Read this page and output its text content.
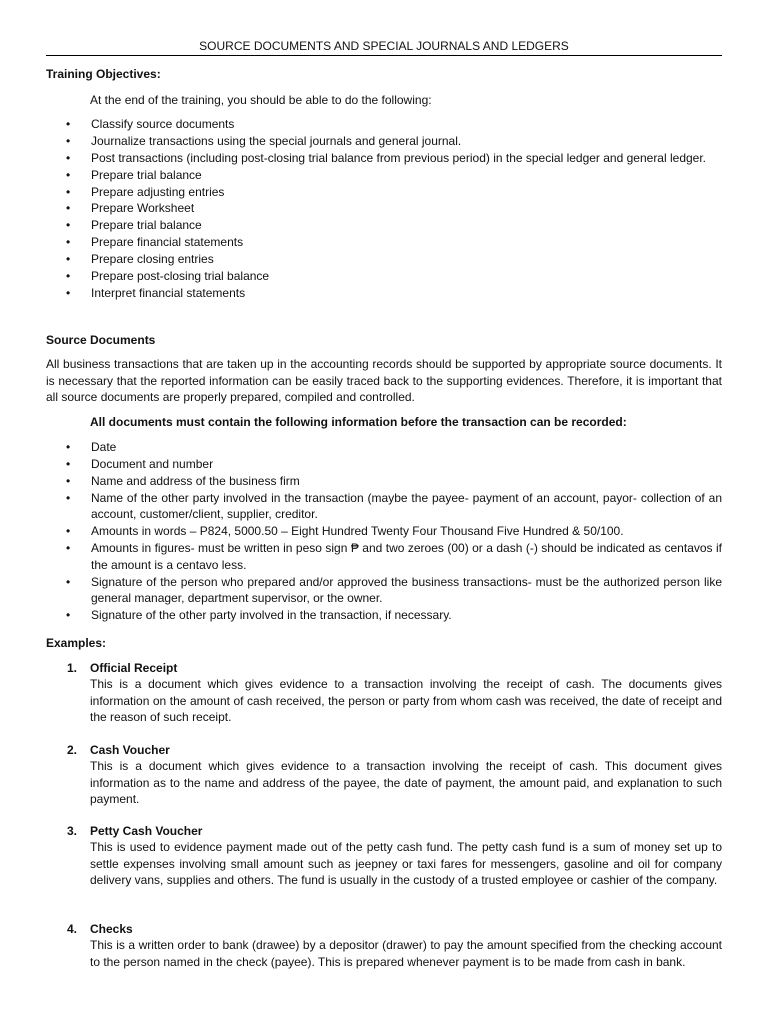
SOURCE DOCUMENTS AND SPECIAL JOURNALS AND LEDGERS
Training Objectives:
At the end of the training, you should be able to do the following:
• Classify source documents
• Journalize transactions using the special journals and general journal.
• Post transactions (including post-closing trial balance from previous period) in the special ledger and general ledger.
• Prepare trial balance
• Prepare adjusting entries
• Prepare Worksheet
• Prepare trial balance
• Prepare financial statements
• Prepare closing entries
• Prepare post-closing trial balance
• Interpret financial statements
Source Documents
All business transactions that are taken up in the accounting records should be supported by appropriate source documents. It is necessary that the reported information can be easily traced back to the supporting evidences. Therefore, it is important that all source documents are properly prepared, compiled and controlled.
All documents must contain the following information before the transaction can be recorded:
• Date
• Document and number
• Name and address of the business firm
• Name of the other party involved in the transaction (maybe the payee- payment of an account, payor- collection of an account, customer/client, supplier, creditor.
• Amounts in words – P824, 5000.50 – Eight Hundred Twenty Four Thousand Five Hundred & 50/100.
• Amounts in figures- must be written in peso sign ₱ and two zeroes (00) or a dash (-) should be indicated as centavos if the amount is a centavo less.
• Signature of the person who prepared and/or approved the business transactions- must be the authorized person like general manager, department supervisor, or the owner.
• Signature of the other party involved in the transaction, if necessary.
Examples:
1. Official Receipt
This is a document which gives evidence to a transaction involving the receipt of cash. The documents gives information on the amount of cash received, the person or party from whom cash was received, the date of receipt and the reason of such receipt.
2. Cash Voucher
This is a document which gives evidence to a transaction involving the receipt of cash. This document gives information as to the name and address of the payee, the date of payment, the amount paid, and explanation to such payment.
3. Petty Cash Voucher
This is used to evidence payment made out of the petty cash fund. The petty cash fund is a sum of money set up to settle expenses involving small amount such as jeepney or taxi fares for messengers, gasoline and oil for company delivery vans, supplies and others. The fund is usually in the custody of a trusted employee or cashier of the company.
4. Checks
This is a written order to bank (drawee) by a depositor (drawer) to pay the amount specified from the checking account to the person named in the check (payee). This is prepared whenever payment is to be made from cash in bank.
